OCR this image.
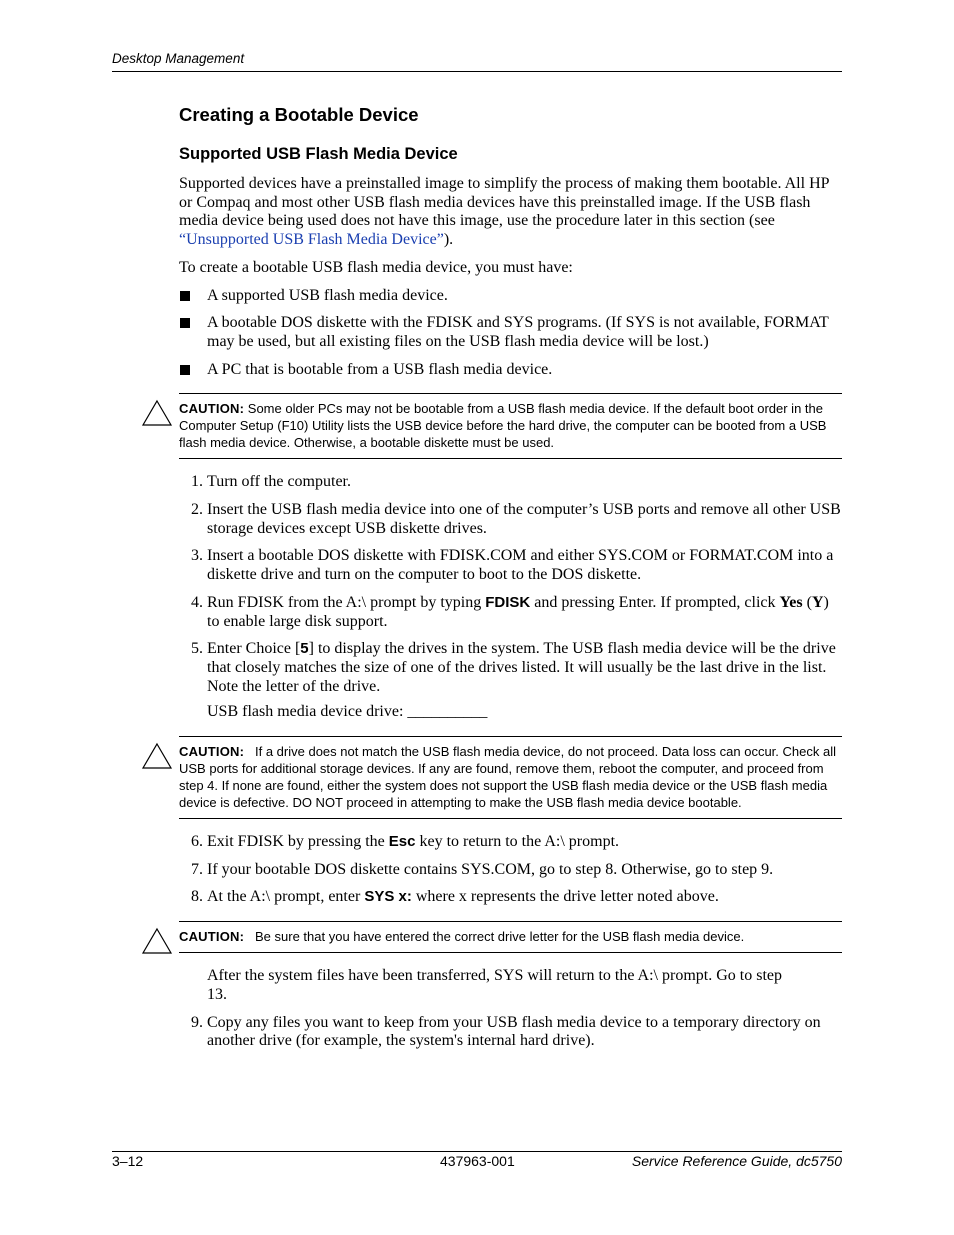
Desktop Management
Creating a Bootable Device
Supported USB Flash Media Device

Supported devices have a preinstalled image to simplify the process of making them bootable. All HP or Compaq and most other USB flash media devices have this preinstalled image. If the USB flash media device being used does not have this image, use the procedure later in this section (see “Unsupported USB Flash Media Device”).

To create a bootable USB flash media device, you must have:

A supported USB flash media device.
A bootable DOS diskette with the FDISK and SYS programs. (If SYS is not available, FORMAT may be used, but all existing files on the USB flash media device will be lost.)
A PC that is bootable from a USB flash media device.
CAUTION: Some older PCs may not be bootable from a USB flash media device. If the default boot order in the Computer Setup (F10) Utility lists the USB device before the hard drive, the computer can be booted from a USB flash media device. Otherwise, a bootable diskette must be used.
1. Turn off the computer.
2. Insert the USB flash media device into one of the computer’s USB ports and remove all other USB storage devices except USB diskette drives.
3. Insert a bootable DOS diskette with FDISK.COM and either SYS.COM or FORMAT.COM into a diskette drive and turn on the computer to boot to the DOS diskette.
4. Run FDISK from the A:\ prompt by typing FDISK and pressing Enter. If prompted, click Yes (Y) to enable large disk support.
5. Enter Choice [5] to display the drives in the system. The USB flash media device will be the drive that closely matches the size of one of the drives listed. It will usually be the last drive in the list. Note the letter of the drive.

USB flash media device drive: __________

CAUTION: If a drive does not match the USB flash media device, do not proceed. Data loss can occur. Check all USB ports for additional storage devices. If any are found, remove them, reboot the computer, and proceed from step 4. If none are found, either the system does not support the USB flash media device or the USB flash media device is defective. DO NOT proceed in attempting to make the USB flash media device bootable.
6. Exit FDISK by pressing the Esc key to return to the A:\ prompt.
7. If your bootable DOS diskette contains SYS.COM, go to step 8. Otherwise, go to step 9.
8. At the A:\ prompt, enter SYS x: where x represents the drive letter noted above.
CAUTION: Be sure that you have entered the correct drive letter for the USB flash media device.

After the system files have been transferred, SYS will return to the A:\ prompt. Go to step 13.

9. Copy any files you want to keep from your USB flash media device to a temporary directory on another drive (for example, the system's internal hard drive).
3–12	437963-001	Service Reference Guide, dc5750
